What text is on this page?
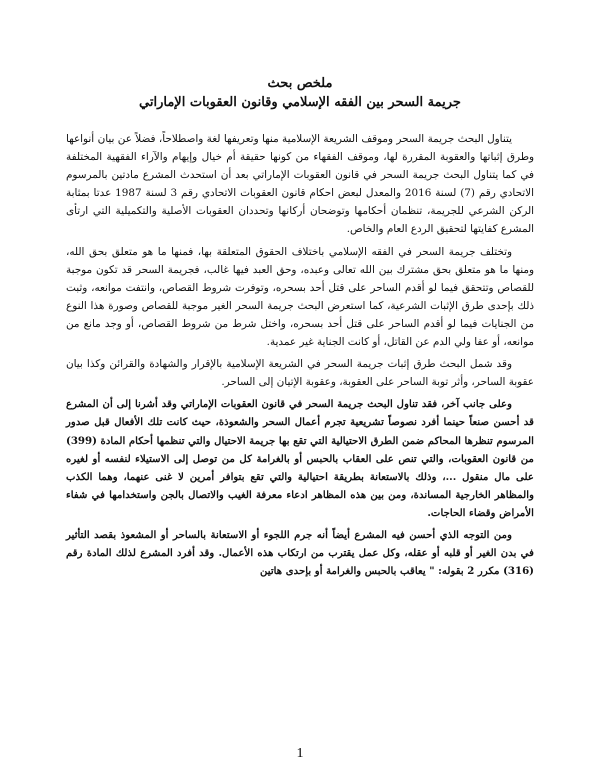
ملخص بحث

جريمة السحر بين الفقه الإسلامي وقانون العقوبات الإماراتي

يتناول البحث جريمة السحر وموقف الشريعة الإسلامية منها وتعريفها لغة واصطلاحاً، فضلاً عن بيان أنواعها وطرق إثباتها والعقوبة المقررة لها، وموقف الفقهاء من كونها حقيقة أم خيال وإيهام والآراء الفقهية المختلفة في كما يتناول البحث جريمة السحر في قانون العقوبات الإماراتي بعد أن استحدث المشرع مادتين بالمرسوم الاتحادي رقم (7) لسنة 2016 والمعدل لبعض احكام قانون العقوبات الاتحادي رقم 3 لسنة 1987 عدتا بمثابة الركن الشرعي للجريمة، تنظمان أحكامها وتوضحان أركانها وتحددان العقوبات الأصلية والتكميلية التي ارتأى المشرع كفايتها لتحقيق الردع العام والخاص.

وتختلف جريمة السحر في الفقه الإسلامي باختلاف الحقوق المتعلقة بها، فمنها ما هو متعلق بحق الله، ومنها ما هو متعلق بحق مشترك بين الله تعالى وعبده، وحق العبد فيها غالب، فجريمة السحر قد تكون موجبة للقصاص وتتحقق فيما لو أقدم الساحر على قتل أحد بسحره، وتوفرت شروط القصاص، وانتفت موانعه، وثبت ذلك بإحدى طرق الإثبات الشرعية، كما استعرض البحث جريمة السحر الغير موجبة للقصاص وصورة هذا النوع من الجنايات فيما لو أقدم الساحر على قتل أحد بسحره، واختل شرط من شروط القصاص، أو وجد مانع من موانعه، أو عفا ولي الدم عن القاتل، أو كانت الجناية غير عمدية.

وقد شمل البحث طرق إثبات جريمة السحر في الشريعة الإسلامية بالإقرار والشهادة والقرائن وكذا بيان عقوبة الساحر، وأثر توبة الساحر على العقوبة، وعقوبة الإتيان إلى الساحر.

وعلى جانب آخر، فقد تناول البحث جريمة السحر في قانون العقوبات الإماراتي وقد أشرنا إلى أن المشرع قد أحسن صنعاً حينما أفرد نصوصاً تشريعية تجرم أعمال السحر والشعوذة، حيث كانت تلك الأفعال قبل صدور المرسوم تنظرها المحاكم ضمن الطرق الاحتيالية التي تقع بها جريمة الاحتيال والتي تنظمها أحكام المادة (399) من قانون العقوبات، والتي تنص على العقاب بالحبس أو بالغرامة كل من توصل إلى الاستيلاء لنفسه أو لغيره على مال منقول ...، وذلك بالاستعانة بطريقة احتيالية والتي تقع بتوافر أمرين لا غنى عنهما، وهما الكذب والمظاهر الخارجية المساندة، ومن بين هذه المظاهر ادعاء معرفة الغيب والاتصال بالجن واستخدامها في شفاء الأمراض وقضاء الحاجات.

ومن التوجه الذي أحسن فيه المشرع أيضاً أنه جرم اللجوء أو الاستعانة بالساحر أو المشعوذ بقصد التأثير في بدن الغير أو قلبه أو عقله، وكل عمل يقترب من ارتكاب هذه الأعمال. وقد أفرد المشرع لذلك المادة رقم (316) مكرر 2 بقوله: " يعاقب بالحبس والغرامة أو بإحدى هاتين

1
